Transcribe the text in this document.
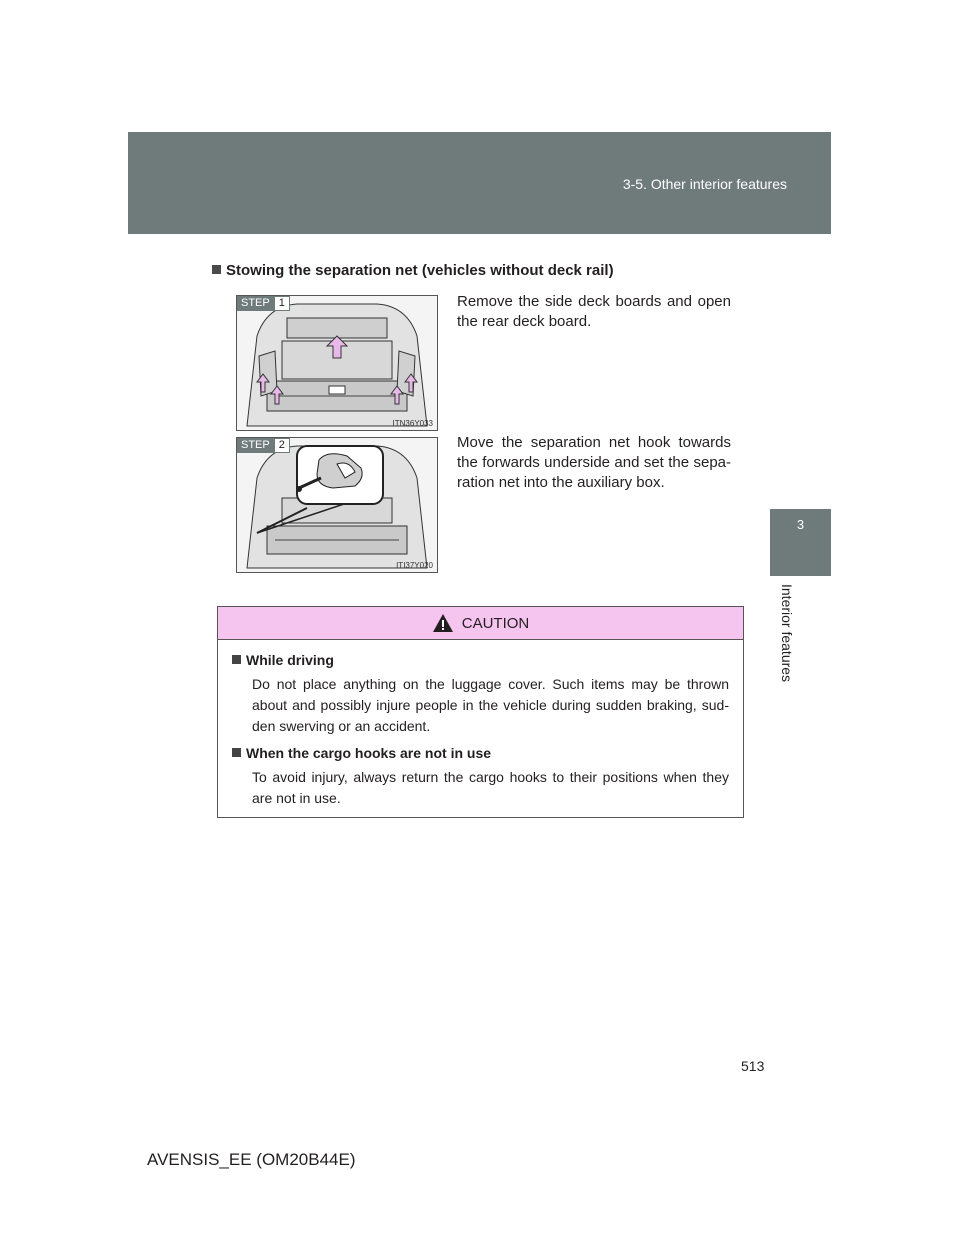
3-5. Other interior features
3
Interior features
Stowing the separation net (vehicles without deck rail)
STEP 1
ITN36Y033
Remove the side deck boards and open the rear deck board.
STEP 2
ITI37Y020
Move the separation net hook towards the forwards underside and set the sepa-ration net into the auxiliary box.
CAUTION
While driving
Do not place anything on the luggage cover. Such items may be thrown about and possibly injure people in the vehicle during sudden braking, sud-den swerving or an accident.
When the cargo hooks are not in use
To avoid injury, always return the cargo hooks to their positions when they are not in use.
513
AVENSIS_EE (OM20B44E)
